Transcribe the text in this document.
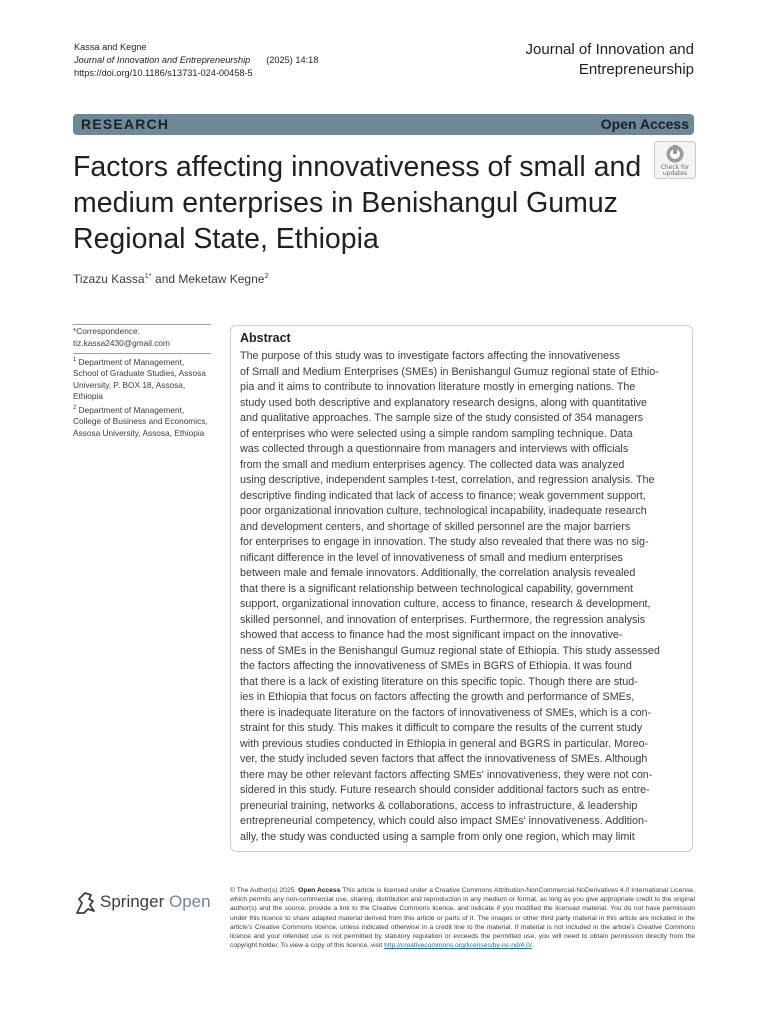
Kassa and Kegne
Journal of Innovation and Entrepreneurship (2025) 14:18
https://doi.org/10.1186/s13731-024-00458-5
Journal of Innovation and
Entrepreneurship
RESEARCH	Open Access
Factors affecting innovativeness of small and medium enterprises in Benishangul Gumuz Regional State, Ethiopia
Check for
updates
Tizazu Kassa$^{1*}$ and Meketaw Kegne$^2$
*Correspondence:
tiz.kassa2430@gmail.com
$^1$ Department of Management, School of Graduate Studies, Assosa University, P. BOX 18, Assosa, Ethiopia
$^2$ Department of Management, College of Business and Economics, Assosa University, Assosa, Ethiopia
Abstract
The purpose of this study was to investigate factors affecting the innovativeness
of Small and Medium Enterprises (SMEs) in Benishangul Gumuz regional state of Ethio-
pia and it aims to contribute to innovation literature mostly in emerging nations. The
study used both descriptive and explanatory research designs, along with quantitative
and qualitative approaches. The sample size of the study consisted of 354 managers
of enterprises who were selected using a simple random sampling technique. Data
was collected through a questionnaire from managers and interviews with officials
from the small and medium enterprises agency. The collected data was analyzed
using descriptive, independent samples t-test, correlation, and regression analysis. The
descriptive finding indicated that lack of access to finance; weak government support,
poor organizational innovation culture, technological incapability, inadequate research
and development centers, and shortage of skilled personnel are the major barriers
for enterprises to engage in innovation. The study also revealed that there was no sig-
nificant difference in the level of innovativeness of small and medium enterprises
between male and female innovators. Additionally, the correlation analysis revealed
that there is a significant relationship between technological capability, government
support, organizational innovation culture, access to finance, research & development,
skilled personnel, and innovation of enterprises. Furthermore, the regression analysis
showed that access to finance had the most significant impact on the innovative-
ness of SMEs in the Benishangul Gumuz regional state of Ethiopia. This study assessed
the factors affecting the innovativeness of SMEs in BGRS of Ethiopia. It was found
that there is a lack of existing literature on this specific topic. Though there are stud-
ies in Ethiopia that focus on factors affecting the growth and performance of SMEs,
there is inadequate literature on the factors of innovativeness of SMEs, which is a con-
straint for this study. This makes it difficult to compare the results of the current study
with previous studies conducted in Ethiopia in general and BGRS in particular. Moreo-
ver, the study included seven factors that affect the innovativeness of SMEs. Although
there may be other relevant factors affecting SMEs' innovativeness, they were not con-
sidered in this study. Future research should consider additional factors such as entre-
preneurial training, networks & collaborations, access to infrastructure, & leadership
entrepreneurial competency, which could also impact SMEs' innovativeness. Addition-
ally, the study was conducted using a sample from only one region, which may limit
Springer Open
© The Author(s) 2025. Open Access This article is licensed under a Creative Commons Attribution-NonCommercial-NoDerivatives 4.0 International License, which permits any non-commercial use, sharing, distribution and reproduction in any medium or format, as long as you give appropriate credit to the original author(s) and the source, provide a link to the Creative Commons licence, and indicate if you modified the licensed material. You do not have permission under this licence to share adapted material derived from this article or parts of it. The images or other third party material in this article are included in the article's Creative Commons licence, unless indicated otherwise in a credit line to the material. If material is not included in the article's Creative Commons licence and your intended use is not permitted by statutory regulation or exceeds the permitted use, you will need to obtain permission directly from the copyright holder. To view a copy of this licence, visit http://creativecommons.org/licenses/by-nc-nd/4.0/.
